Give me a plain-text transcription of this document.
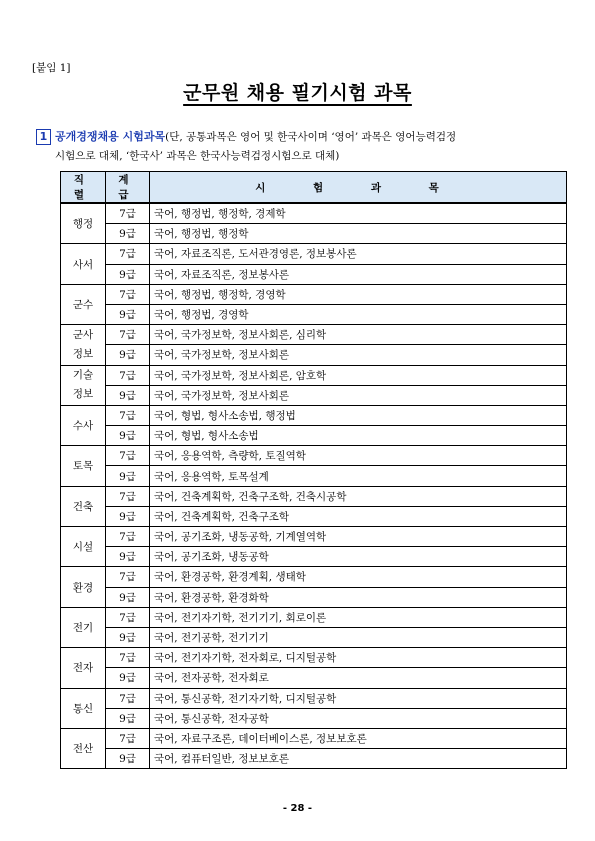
[붙임 1]
군무원 채용 필기시험 과목
1 공개경쟁채용 시험과목(단, 공통과목은 영어 및 한국사이며 ‘영어’ 과목은 영어능력검정
시험으로 대체, ‘한국사’ 과목은 한국사능력검정시험으로 대체)
직 렬	계 급	시 험 과 목
행정	7급	국어, 행정법, 행정학, 경제학
	9급	국어, 행정법, 행정학
사서	7급	국어, 자료조직론, 도서관경영론, 정보봉사론
	9급	국어, 자료조직론, 정보봉사론
군수	7급	국어, 행정법, 행정학, 경영학
	9급	국어, 행정법, 경영학
군사 정보	7급	국어, 국가정보학, 정보사회론, 심리학
	9급	국어, 국가정보학, 정보사회론
기술 정보	7급	국어, 국가정보학, 정보사회론, 암호학
	9급	국어, 국가정보학, 정보사회론
수사	7급	국어, 형법, 형사소송법, 행정법
	9급	국어, 형법, 형사소송법
토목	7급	국어, 응용역학, 측량학, 토질역학
	9급	국어, 응용역학, 토목설계
건축	7급	국어, 건축계획학, 건축구조학, 건축시공학
	9급	국어, 건축계획학, 건축구조학
시설	7급	국어, 공기조화, 냉동공학, 기계열역학
	9급	국어, 공기조화, 냉동공학
환경	7급	국어, 환경공학, 환경계획, 생태학
	9급	국어, 환경공학, 환경화학
전기	7급	국어, 전기자기학, 전기기기, 회로이론
	9급	국어, 전기공학, 전기기기
전자	7급	국어, 전기자기학, 전자회로, 디지털공학
	9급	국어, 전자공학, 전자회로
통신	7급	국어, 통신공학, 전기자기학, 디지털공학
	9급	국어, 통신공학, 전자공학
전산	7급	국어, 자료구조론, 데이터베이스론, 정보보호론
	9급	국어, 컴퓨터일반, 정보보호론
- 28 -
